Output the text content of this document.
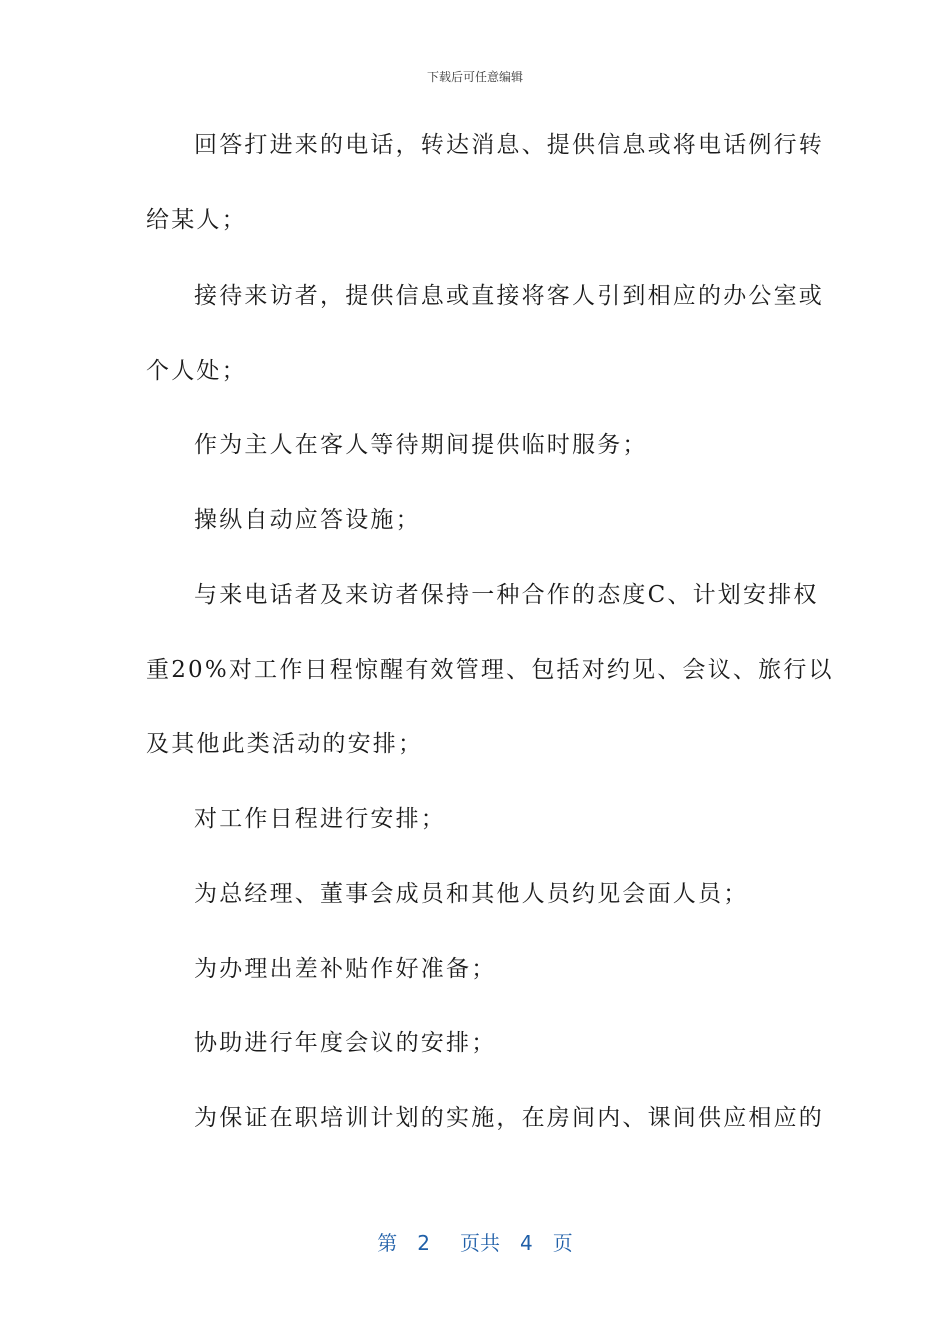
下载后可任意编辑
回答打进来的电话，转达消息、提供信息或将电话例行转
给某人；
接待来访者，提供信息或直接将客人引到相应的办公室或
个人处；
作为主人在客人等待期间提供临时服务；
操纵自动应答设施；
与来电话者及来访者保持一种合作的态度C、计划安排权
重20%对工作日程惊醒有效管理、包括对约见、会议、旅行以
及其他此类活动的安排；
对工作日程进行安排；
为总经理、董事会成员和其他人员约见会面人员；
为办理出差补贴作好准备；
协助进行年度会议的安排；
为保证在职培训计划的实施，在房间内、课间供应相应的
第 2 页共 4 页
